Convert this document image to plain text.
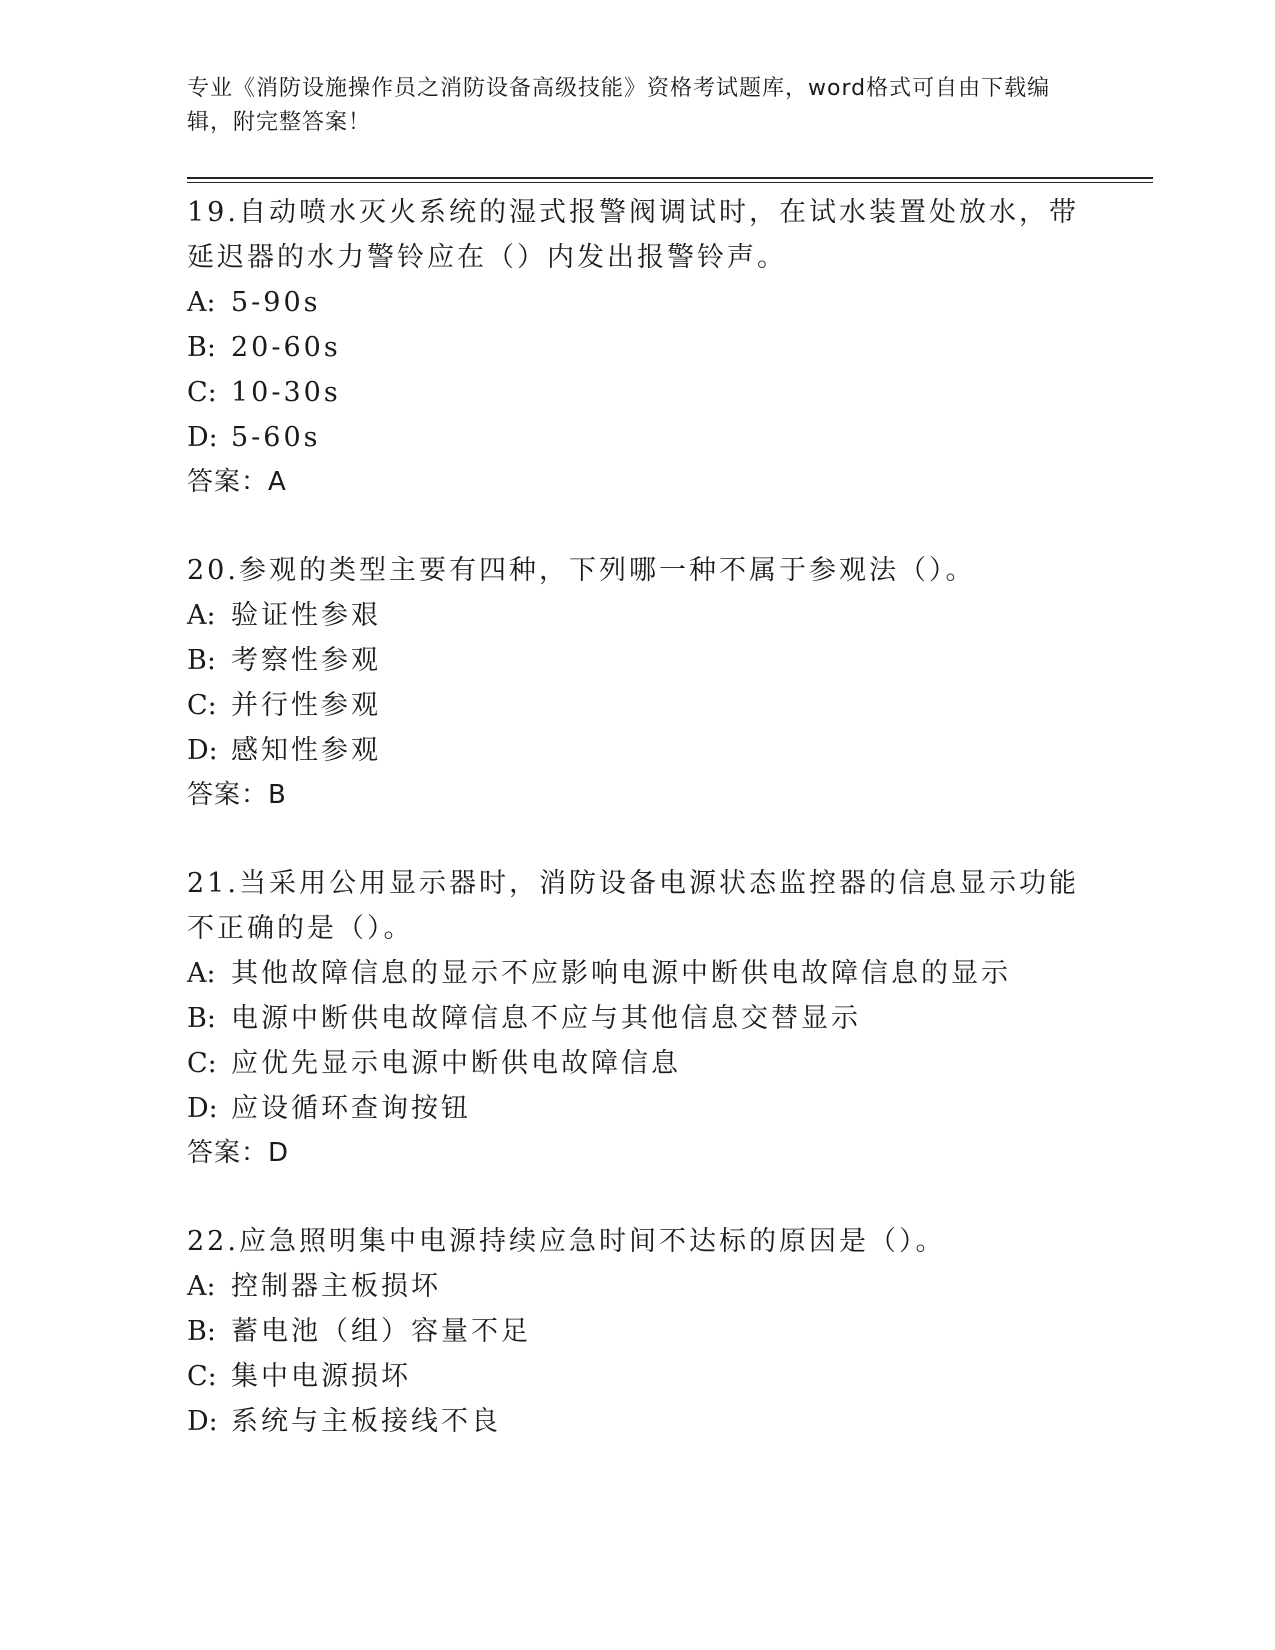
专业《消防设施操作员之消防设备高级技能》资格考试题库，word格式可自由下载编辑，附完整答案！

19.自动喷水灭火系统的湿式报警阀调试时，在试水装置处放水，带延迟器的水力警铃应在（）内发出报警铃声。

A: 5-90s

B: 20-60s

C: 10-30s

D: 5-60s

答案：A

20.参观的类型主要有四种，下列哪一种不属于参观法（）。

A: 验证性参艰

B: 考察性参观

C: 并行性参观

D: 感知性参观

答案：B

21.当采用公用显示器时，消防设备电源状态监控器的信息显示功能不正确的是（）。

A: 其他故障信息的显示不应影响电源中断供电故障信息的显示

B: 电源中断供电故障信息不应与其他信息交替显示

C: 应优先显示电源中断供电故障信息

D: 应设循环查询按钮

答案：D

22.应急照明集中电源持续应急时间不达标的原因是（）。

A: 控制器主板损坏

B: 蓄电池（组）容量不足

C: 集中电源损坏

D: 系统与主板接线不良
